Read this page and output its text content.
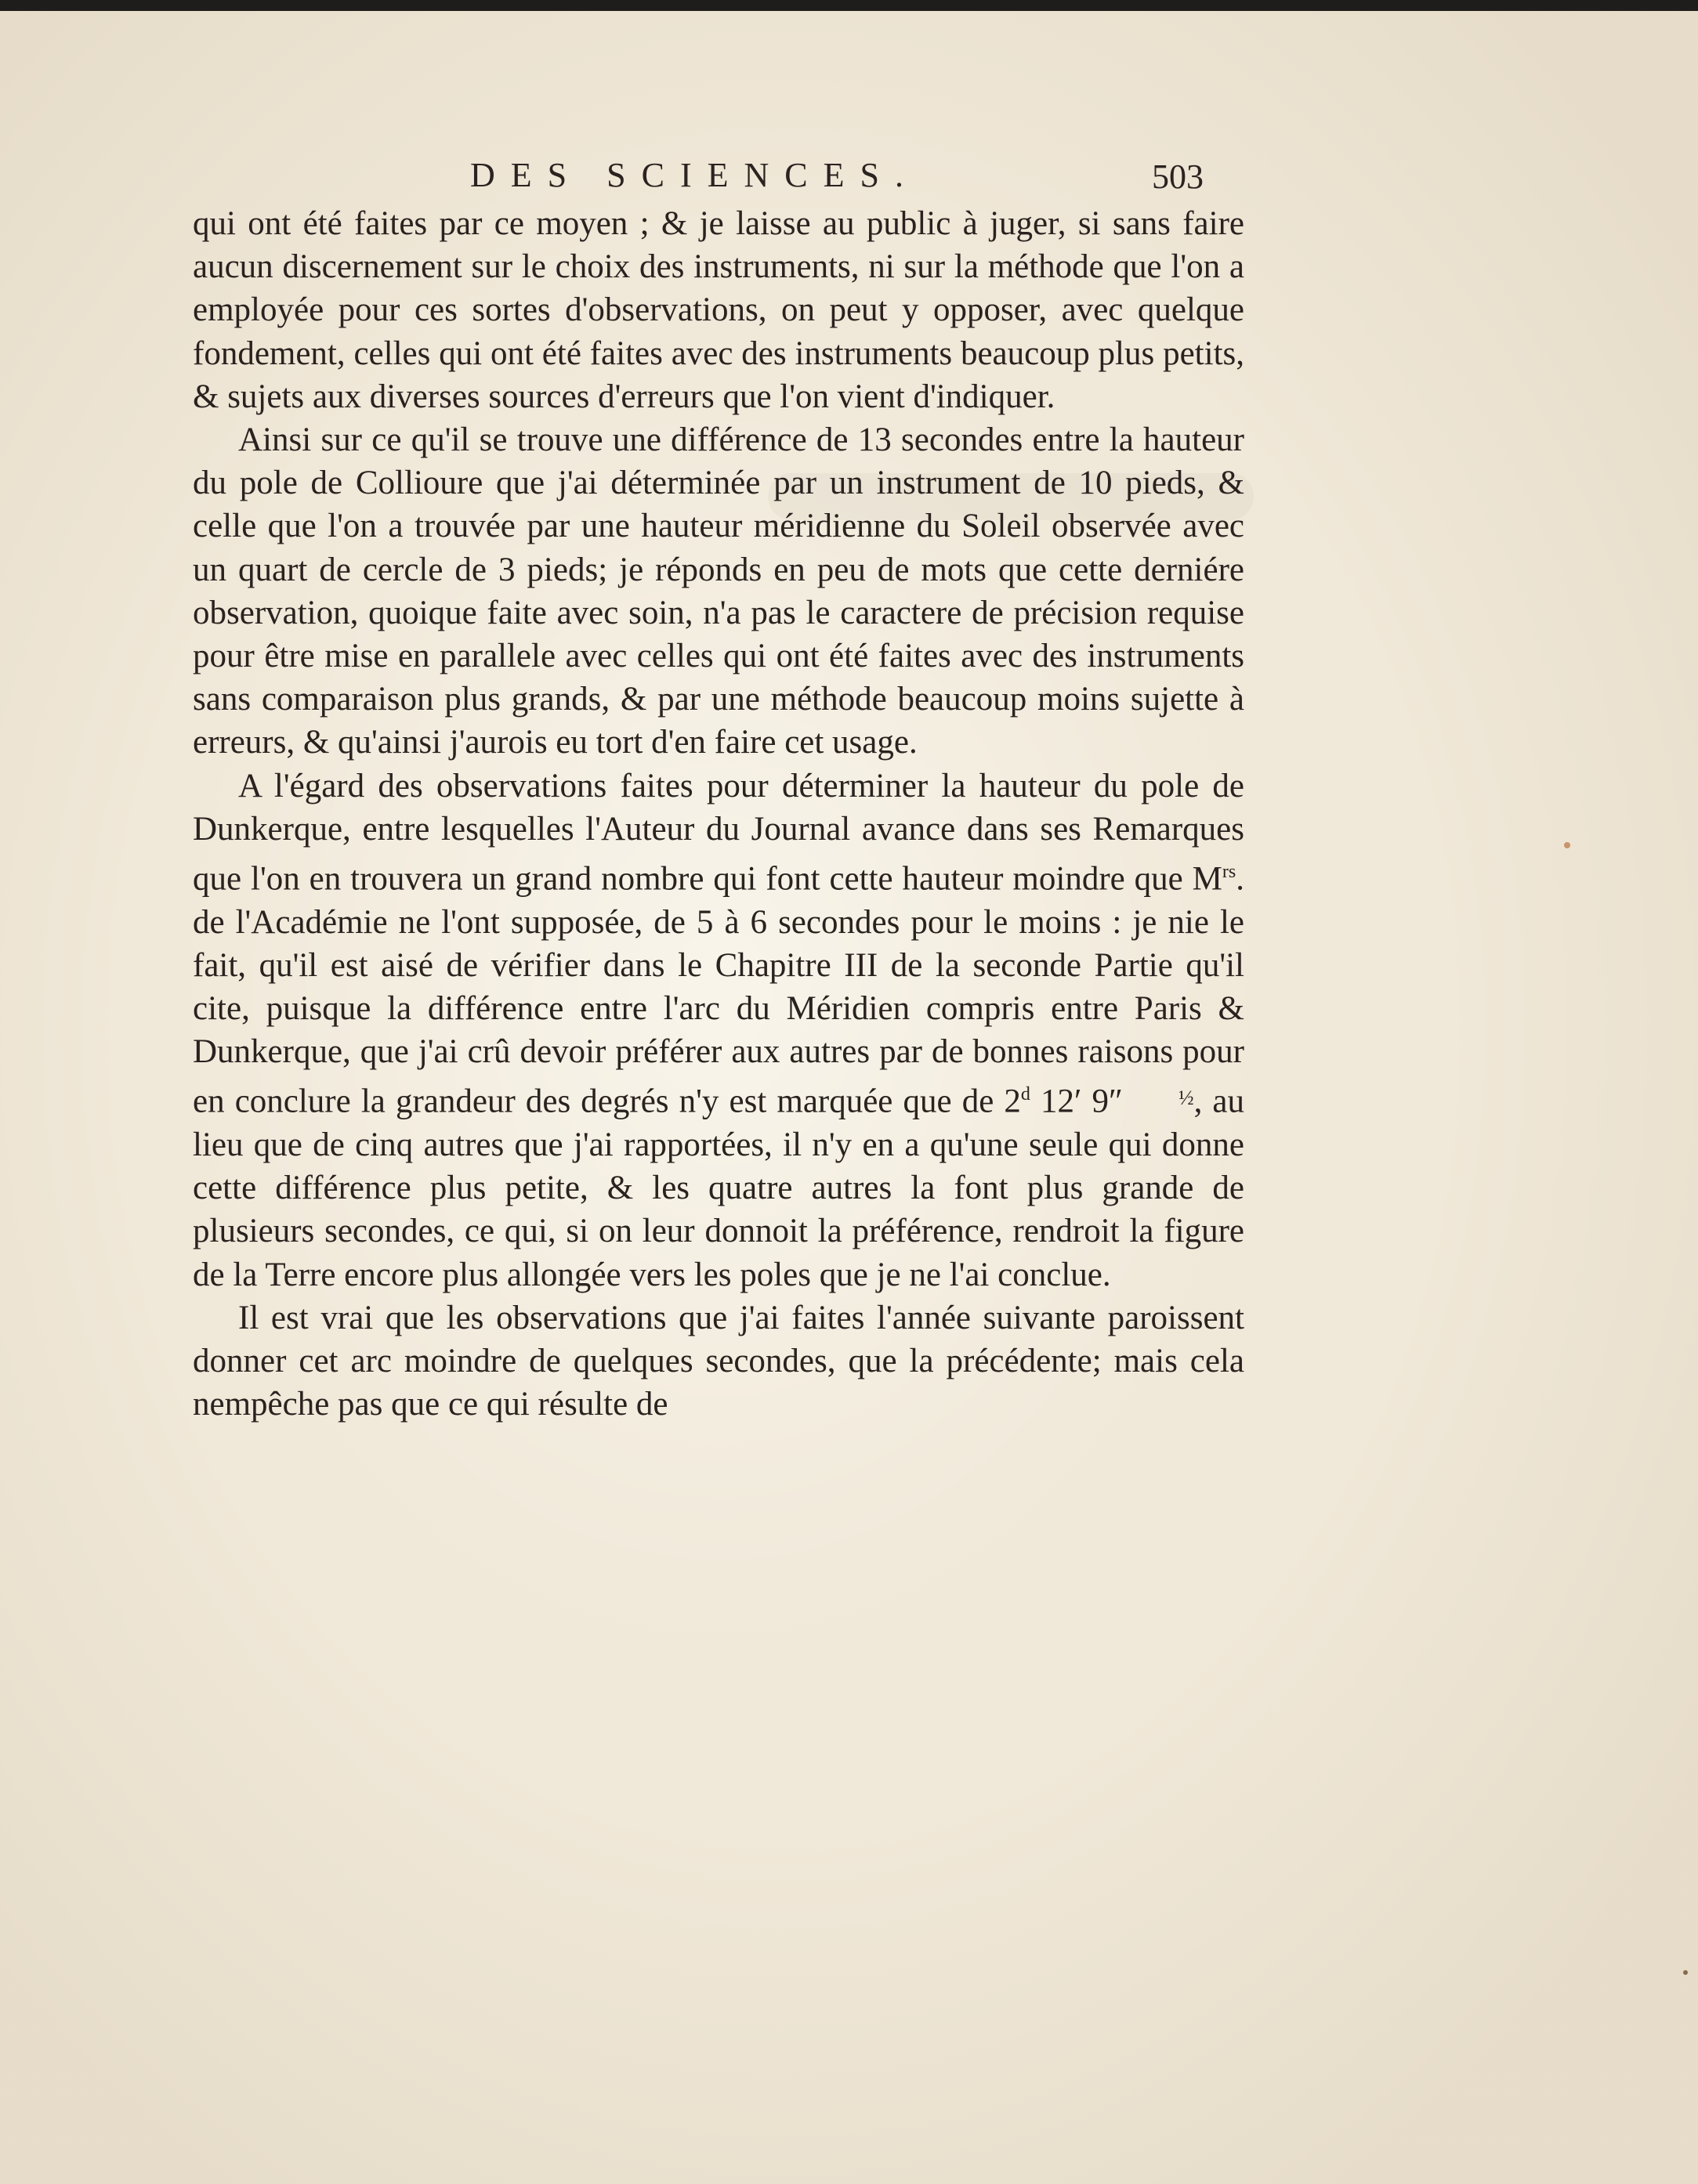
DES SCIENCES.	503

qui ont été faites par ce moyen ; & je laisse au public à juger, si sans faire aucun discernement sur le choix des instruments, ni sur la méthode que l'on a employée pour ces sortes d'observations, on peut y opposer, avec quelque fondement, celles qui ont été faites avec des instruments beaucoup plus petits, & sujets aux diverses sources d'erreurs que l'on vient d'indiquer.

Ainsi sur ce qu'il se trouve une différence de 13 secondes entre la hauteur du pole de Collioure que j'ai déterminée par un instrument de 10 pieds, & celle que l'on a trouvée par une hauteur méridienne du Soleil observée avec un quart de cercle de 3 pieds; je réponds en peu de mots que cette derniére observation, quoique faite avec soin, n'a pas le caractere de précision requise pour être mise en parallele avec celles qui ont été faites avec des instruments sans comparaison plus grands, & par une méthode beaucoup moins sujette à erreurs, & qu'ainsi j'aurois eu tort d'en faire cet usage.

A l'égard des observations faites pour déterminer la hauteur du pole de Dunkerque, entre lesquelles l'Auteur du Journal avance dans ses Remarques que l'on en trouvera un grand nombre qui font cette hauteur moindre que $M^{rs}$. de l'Académie ne l'ont supposée, de 5 à 6 secondes pour le moins : je nie le fait, qu'il est aisé de vérifier dans le Chapitre III de la seconde Partie qu'il cite, puisque la différence entre l'arc du Méridien compris entre Paris & Dunkerque, que j'ai crû devoir préférer aux autres par de bonnes raisons pour en conclure la grandeur des degrés n'y est marquée que de 2$^d$ 12′ 9″ ½, au lieu que de cinq autres que j'ai rapportées, il n'y en a qu'une seule qui donne cette différence plus petite, & les quatre autres la font plus grande de plusieurs secondes, ce qui, si on leur donnoit la préférence, rendroit la figure de la Terre encore plus allongée vers les poles que je ne l'ai conclue.

Il est vrai que les observations que j'ai faites l'année suivante paroissent donner cet arc moindre de quelques secondes, que la précédente; mais cela nempêche pas que ce qui résulte de
